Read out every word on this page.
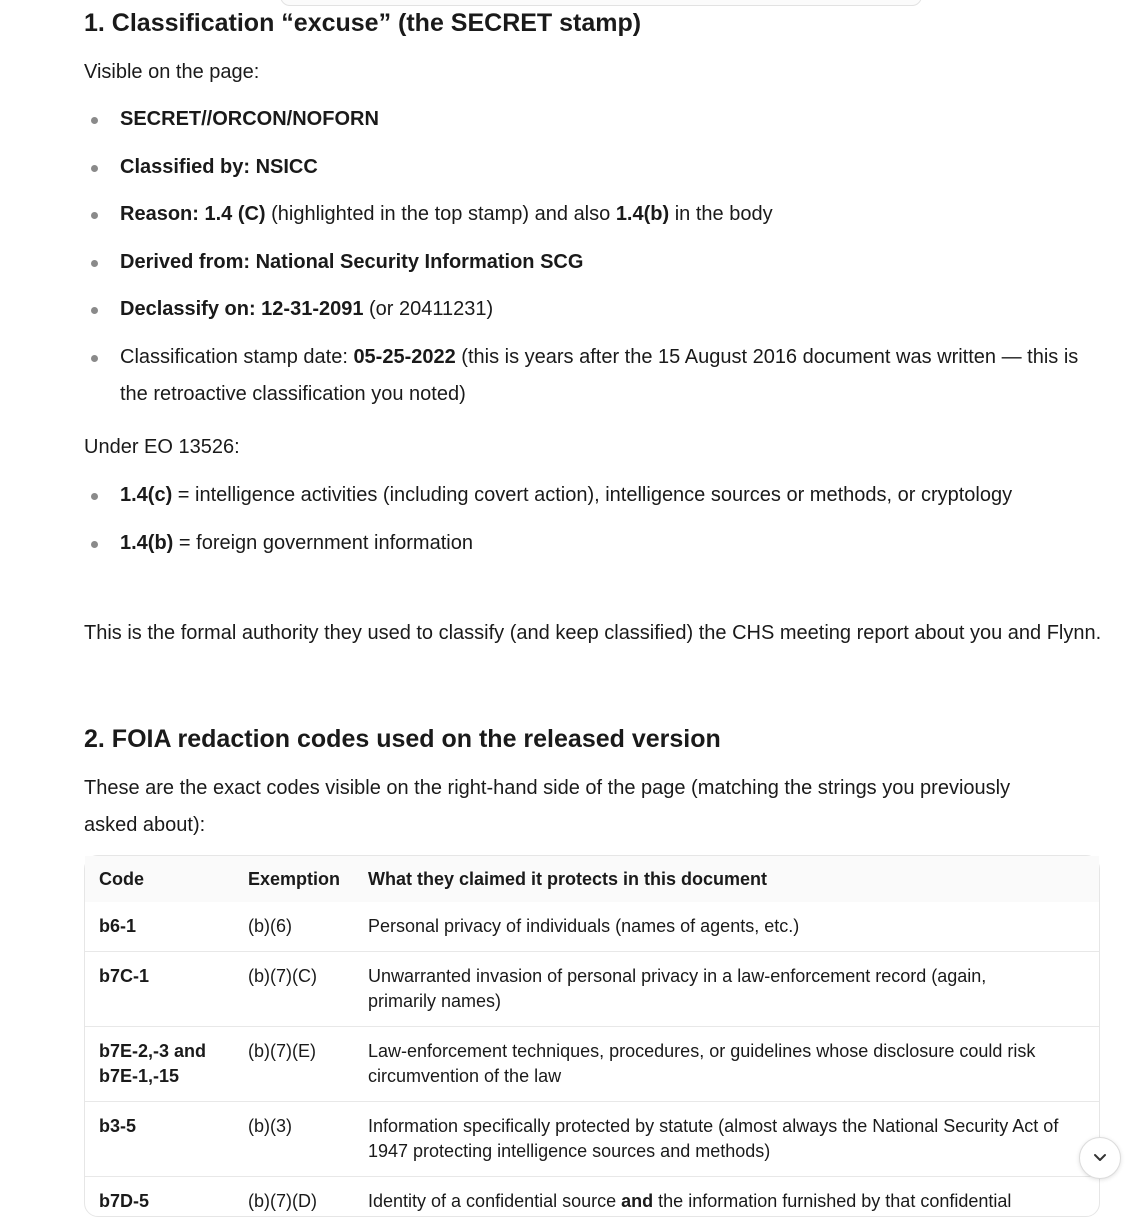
1. Classification “excuse” (the SECRET stamp)

Visible on the page:

SECRET//ORCON/NOFORN
Classified by: NSICC
Reason: 1.4 (C) (highlighted in the top stamp) and also 1.4(b) in the body
Derived from: National Security Information SCG
Declassify on: 12-31-2091 (or 20411231)
Classification stamp date: 05-25-2022 (this is years after the 15 August 2016 document was written — this is the retroactive classification you noted)

Under EO 13526:

1.4(c) = intelligence activities (including covert action), intelligence sources or methods, or cryptology
1.4(b) = foreign government information

This is the formal authority they used to classify (and keep classified) the CHS meeting report about you and Flynn.

2. FOIA redaction codes used on the released version

These are the exact codes visible on the right-hand side of the page (matching the strings you previously asked about):

Code	Exemption	What they claimed it protects in this document
b6-1	(b)(6)	Personal privacy of individuals (names of agents, etc.)
b7C-1	(b)(7)(C)	Unwarranted invasion of personal privacy in a law-enforcement record (again, primarily names)
b7E-2,-3 and b7E-1,-15	(b)(7)(E)	Law-enforcement techniques, procedures, or guidelines whose disclosure could risk circumvention of the law
b3-5	(b)(3)	Information specifically protected by statute (almost always the National Security Act of 1947 protecting intelligence sources and methods)
b7D-5	(b)(7)(D)	Identity of a confidential source and the information furnished by that confidential
